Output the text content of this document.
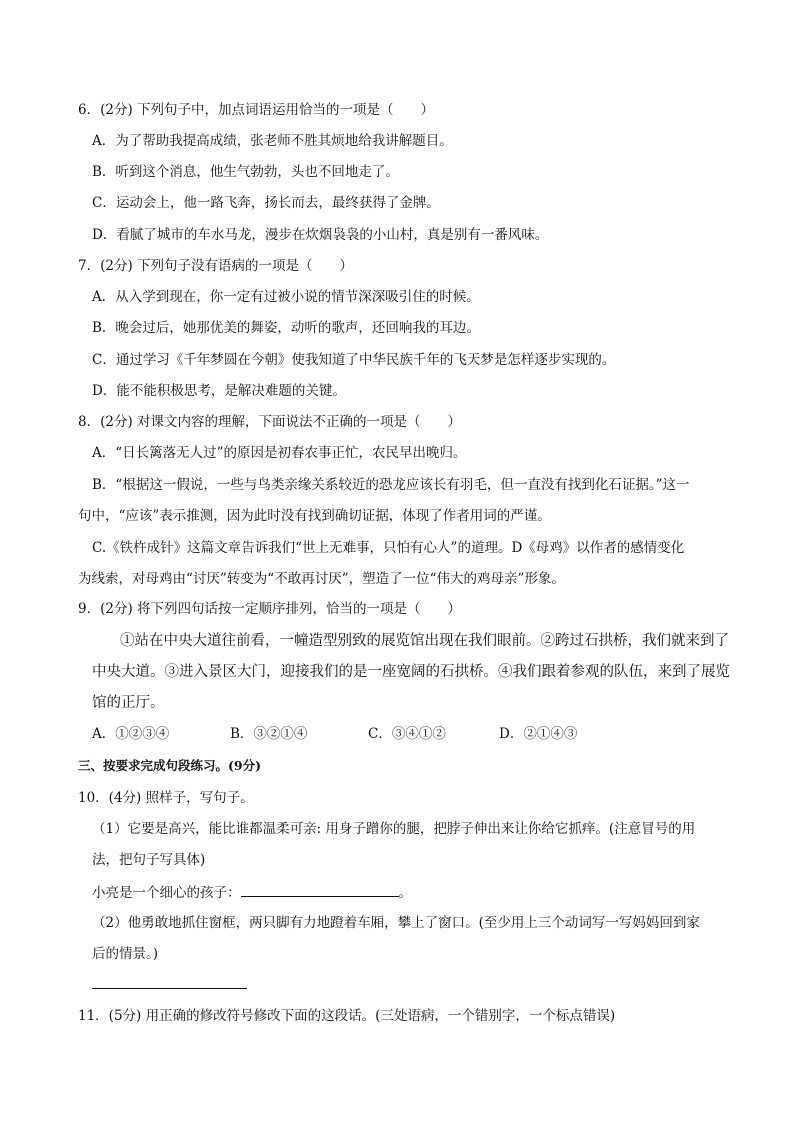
6．(2分) 下列句子中，加点词语运用恰当的一项是（　　）
A．为了帮助我提高成绩，张老师不胜其烦地给我讲解题目。
B．听到这个消息，他生气勃勃，头也不回地走了。
C．运动会上，他一路飞奔，扬长而去，最终获得了金牌。
D．看腻了城市的车水马龙，漫步在炊烟袅袅的小山村，真是别有一番风味。
7．(2分) 下列句子没有语病的一项是（　　）
A．从入学到现在，你一定有过被小说的情节深深吸引住的时候。
B．晚会过后，她那优美的舞姿，动听的歌声，还回响我的耳边。
C．通过学习《千年梦圆在今朝》使我知道了中华民族千年的飞天梦是怎样逐步实现的。
D．能不能积极思考，是解决难题的关键。
8．(2分) 对课文内容的理解，下面说法不正确的一项是（　　）
A．“日长篱落无人过”的原因是初春农事正忙，农民早出晚归。
B．“根据这一假说，一些与鸟类亲缘关系较近的恐龙应该长有羽毛，但一直没有找到化石证据。”这一
句中，“应该”表示推测，因为此时没有找到确切证据，体现了作者用词的严谨。
C.《铁杵成针》这篇文章告诉我们“世上无难事，只怕有心人”的道理。D《母鸡》以作者的感情变化
为线索，对母鸡由“讨厌”转变为“不敢再讨厌”，塑造了一位“伟大的鸡母亲”形象。
9．(2分) 将下列四句话按一定顺序排列，恰当的一项是（　　）
①站在中央大道往前看，一幢造型别致的展览馆出现在我们眼前。②跨过石拱桥，我们就来到了
中央大道。③进入景区大门，迎接我们的是一座宽阔的石拱桥。④我们跟着参观的队伍，来到了展览
馆的正厅。
A．①②③④	B．③②①④	C．③④①②	D．②①④③
三、按要求完成句段练习。(9分)
10．(4分) 照样子，写句子。
（1）它要是高兴，能比谁都温柔可亲: 用身子蹭你的腿，把脖子伸出来让你给它抓痒。(注意冒号的用
法，把句子写具体)
小亮是一个细心的孩子：	。
（2）他勇敢地抓住窗框，两只脚有力地蹬着车厢，攀上了窗口。(至少用上三个动词写一写妈妈回到家
后的情景。)
11．(5分) 用正确的修改符号修改下面的这段话。(三处语病，一个错别字，一个标点错误)
